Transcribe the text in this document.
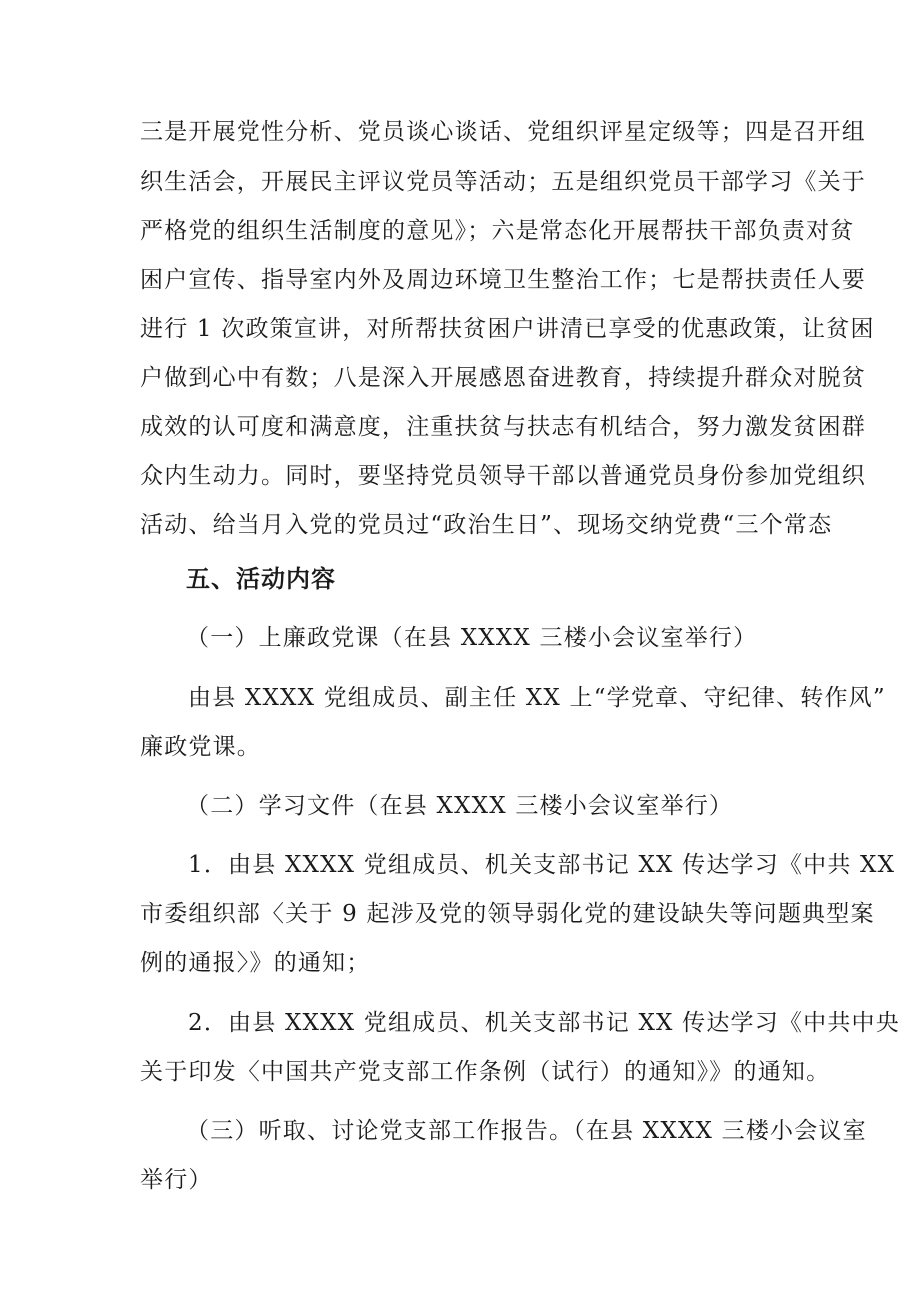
三是开展党性分析、党员谈心谈话、党组织评星定级等；四是召开组
织生活会，开展民主评议党员等活动；五是组织党员干部学习《关于
严格党的组织生活制度的意见》；六是常态化开展帮扶干部负责对贫
困户宣传、指导室内外及周边环境卫生整治工作；七是帮扶责任人要
进行 1 次政策宣讲，对所帮扶贫困户讲清已享受的优惠政策，让贫困
户做到心中有数；八是深入开展感恩奋进教育，持续提升群众对脱贫
成效的认可度和满意度，注重扶贫与扶志有机结合，努力激发贫困群
众内生动力。同时，要坚持党员领导干部以普通党员身份参加党组织
活动、给当月入党的党员过“政治生日”、现场交纳党费“三个常态
五、活动内容
（一）上廉政党课（在县 XXXX 三楼小会议室举行）
由县 XXXX 党组成员、副主任 XX 上“学党章、守纪律、转作风”
廉政党课。
（二）学习文件（在县 XXXX 三楼小会议室举行）
1．由县 XXXX 党组成员、机关支部书记 XX 传达学习《中共 XX
市委组织部〈关于 9 起涉及党的领导弱化党的建设缺失等问题典型案
例的通报〉》的通知；
2．由县 XXXX 党组成员、机关支部书记 XX 传达学习《中共中央
关于印发〈中国共产党支部工作条例（试行）的通知》》的通知。
（三）听取、讨论党支部工作报告。（在县 XXXX 三楼小会议室
举行）
